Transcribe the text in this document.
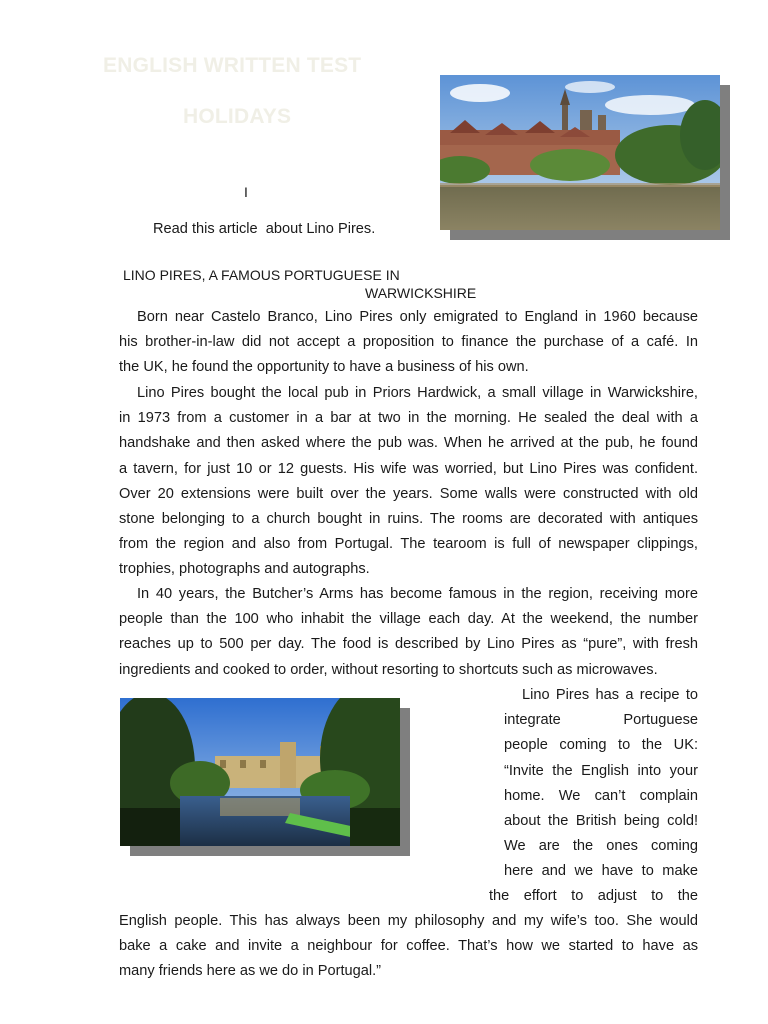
ENGLISH WRITTEN TEST
HOLIDAYS
I
Read this article  about Lino Pires.
LINO PIRES, A FAMOUS PORTUGUESE IN
WARWICKSHIRE
Born near Castelo Branco, Lino Pires only emigrated to England in 1960 because
his brother-in-law did not accept a proposition to finance the purchase of a café. In
the UK, he found the opportunity to have a business of his own.
Lino Pires bought the local pub in Priors Hardwick, a small village in Warwickshire,
in 1973 from a customer in a bar at two in the morning. He sealed the deal with a
handshake and then asked where the pub was. When he arrived at the pub, he found
a tavern, for just 10 or 12 guests. His wife was worried, but Lino Pires was confident.
Over 20 extensions were built over the years. Some walls were constructed with old
stone belonging to a church bought in ruins. The rooms are decorated with antiques
from the region and also from Portugal. The tearoom is full of newspaper clippings,
trophies, photographs and autographs.
In 40 years, the Butcher’s Arms has become famous in the region, receiving more
people than the 100 who inhabit the village each day. At the weekend, the number
reaches up to 500 per day. The food is described by Lino Pires as “pure”, with fresh
ingredients and cooked to order, without resorting to shortcuts such as microwaves.
Lino Pires has a recipe to
integrate Portuguese
people coming to the UK:
“Invite the English into your
home. We can’t complain
about the British being cold!
We are the ones coming
here and we have to make
the effort to adjust to the
English people. This has always been my philosophy and my wife’s too. She would
bake a cake and invite a neighbour for coffee. That’s how we started to have as
many friends here as we do in Portugal.”
